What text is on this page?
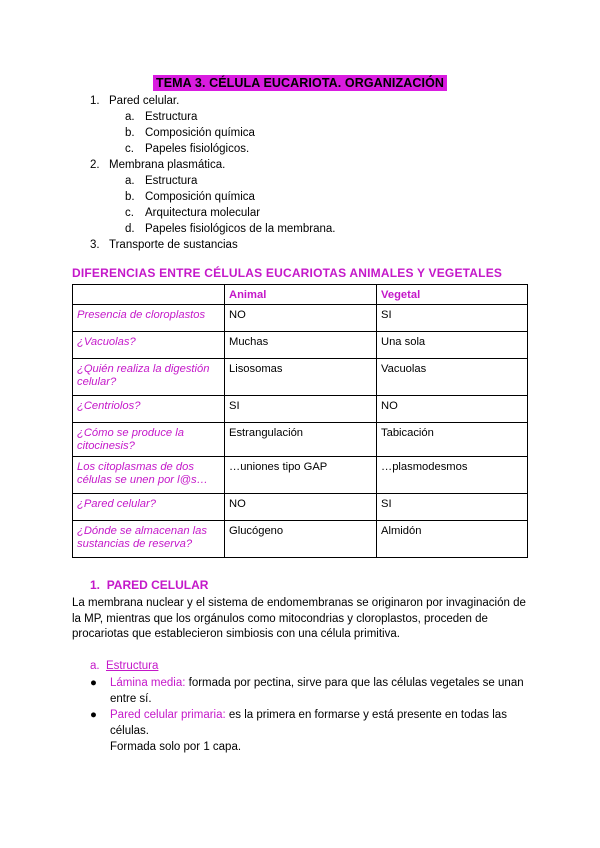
TEMA 3. CÉLULA EUCARIOTA. ORGANIZACIÓN
1. Pared celular.
a. Estructura
b. Composición química
c. Papeles fisiológicos.
2. Membrana plasmática.
a. Estructura
b. Composición química
c. Arquitectura molecular
d. Papeles fisiológicos de la membrana.
3. Transporte de sustancias
DIFERENCIAS ENTRE CÉLULAS EUCARIOTAS ANIMALES Y VEGETALES
	Animal	Vegetal
Presencia de cloroplastos	NO	SI
¿Vacuolas?	Muchas	Una sola
¿Quién realiza la digestión celular?	Lisosomas	Vacuolas
¿Centriolos?	SI	NO
¿Cómo se produce la citocinesis?	Estrangulación	Tabicación
Los citoplasmas de dos células se unen por l@s…	…uniones tipo GAP	…plasmodesmos
¿Pared celular?	NO	SI
¿Dónde se almacenan las sustancias de reserva?	Glucógeno	Almidón
1. PARED CELULAR
La membrana nuclear y el sistema de endomembranas se originaron por invaginación de la MP, mientras que los orgánulos como mitocondrias y cloroplastos, proceden de procariotas que establecieron simbiosis con una célula primitiva.
a. Estructura
● Lámina media: formada por pectina, sirve para que las células vegetales se unan entre sí.
● Pared celular primaria: es la primera en formarse y está presente en todas las células.
Formada solo por 1 capa.
